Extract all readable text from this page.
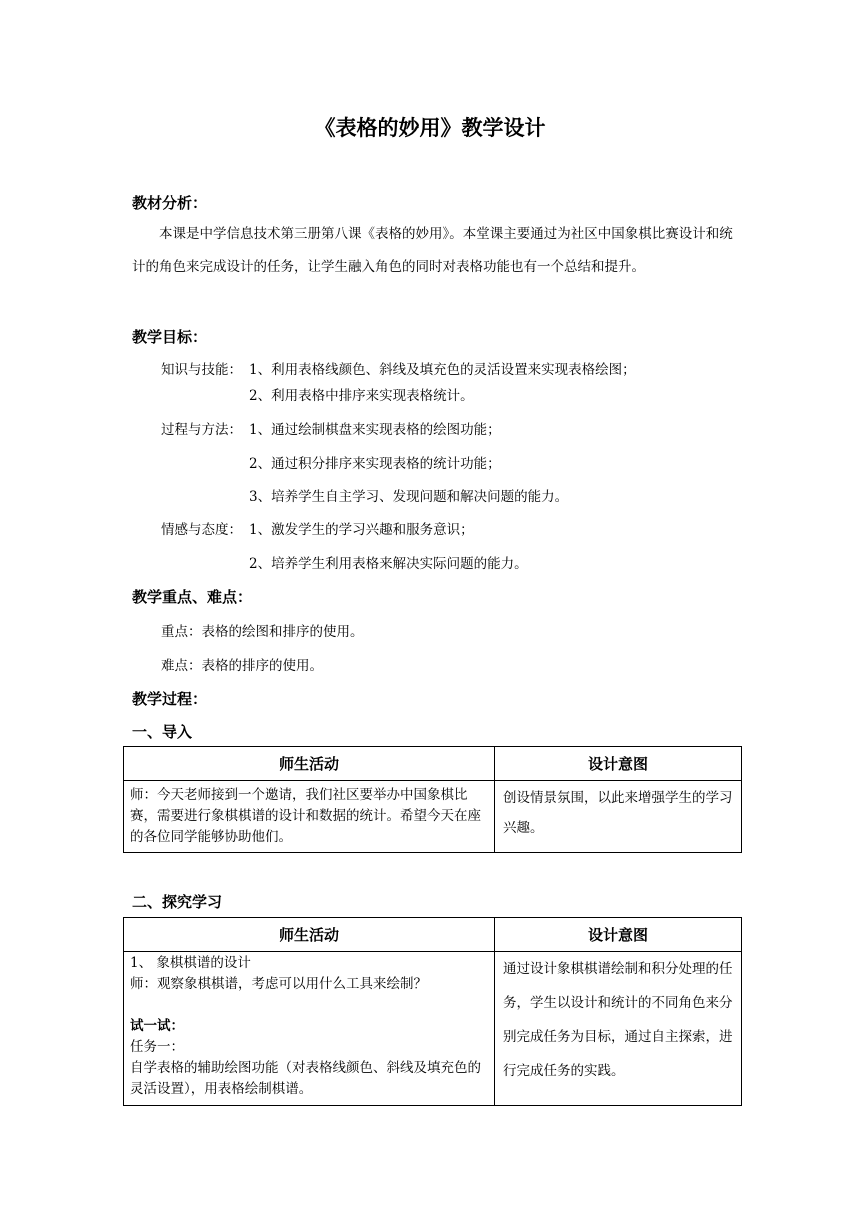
《表格的妙用》教学设计
教材分析：
本课是中学信息技术第三册第八课《表格的妙用》。本堂课主要通过为社区中国象棋比赛设计和统计的角色来完成设计的任务，让学生融入角色的同时对表格功能也有一个总结和提升。
教学目标：
知识与技能： 1、利用表格线颜色、斜线及填充色的灵活设置来实现表格绘图；
2、利用表格中排序来实现表格统计。
过程与方法： 1、通过绘制棋盘来实现表格的绘图功能；
2、通过积分排序来实现表格的统计功能；
3、培养学生自主学习、发现问题和解决问题的能力。
情感与态度： 1、激发学生的学习兴趣和服务意识；
2、培养学生利用表格来解决实际问题的能力。
教学重点、难点：
重点：表格的绘图和排序的使用。
难点：表格的排序的使用。
教学过程：
一、导入
师生活动	设计意图
师：今天老师接到一个邀请，我们社区要举办中国象棋比赛，需要进行象棋棋谱的设计和数据的统计。希望今天在座的各位同学能够协助他们。	创设情景氛围，以此来增强学生的学习兴趣。
二、探究学习
师生活动	设计意图

1、 象棋棋谱的设计
师：观察象棋棋谱，考虑可以用什么工具来绘制？
试一试：
任务一：
自学表格的辅助绘图功能（对表格线颜色、斜线及填充色的灵活设置），用表格绘制棋谱。	通过设计象棋棋谱绘制和积分处理的任务，学生以设计和统计的不同角色来分别完成任务为目标，通过自主探索，进行完成任务的实践。
